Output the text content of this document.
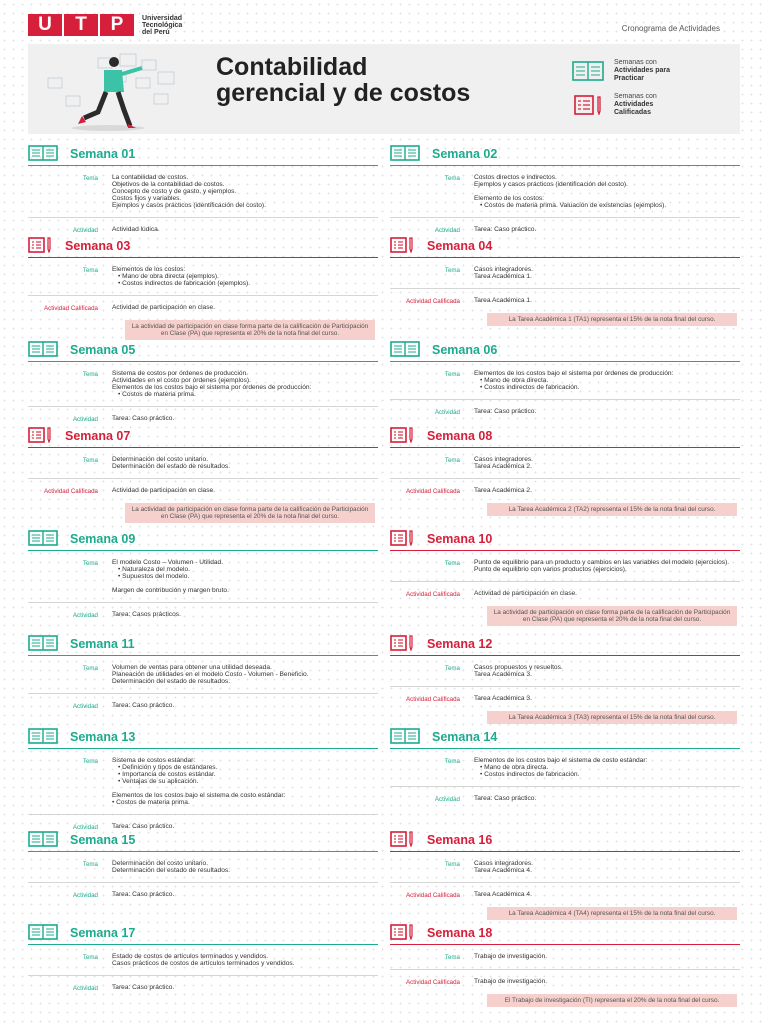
U	T	P	Universidad
Tecnológica
del Perú	Cronograma de Actividades
Contabilidad gerencial y de costos
Semanas con
Actividades para
Practicar
Semanas con
Actividades
Calificadas
Semana 01
Tema	La contabilidad de costos.

Objetivos de la contabilidad de costos.

Concepto de costo y de gasto, y ejemplos.

Costos fijos y variables.

Ejemplos y casos prácticos (identificación del costo).

Actividad	Actividad lúdica.
Semana 02
Tema	Costos directos e indirectos.

Ejemplos y casos prácticos (identificación del costo).

Elemento de los costos:

• Costos de materia prima. Valuación de existencias (ejemplos).
Actividad	Tarea: Caso práctico.
Semana 03
Tema	Elementos de los costos:

• Mano de obra directa (ejemplos).
• Costos indirectos de fabricación (ejemplos).
Actividad Calificada	Actividad de participación en clase.
La actividad de participación en clase forma parte de la calificación de Participación en Clase (PA) que representa el 20% de la nota final del curso.
Semana 04
Tema	Casos integradores.

Tarea Académica 1.

Actividad Calificada	Tarea Académica 1.
La Tarea Académica 1 (TA1) representa el 15% de la nota final del curso.
Semana 05
Tema	Sistema de costos por órdenes de producción.

Actividades en el costo por órdenes (ejemplos).

Elementos de los costos bajo el sistema por órdenes de producción:

• Costos de materia prima.
Actividad	Tarea: Caso práctico.
Semana 06
Tema	Elementos de los costos bajo el sistema por órdenes de producción:

• Mano de obra directa.
• Costos indirectos de fabricación.
Actividad	Tarea: Caso práctico.
Semana 07
Tema	Determinación del costo unitario.

Determinación del estado de resultados.

Actividad Calificada	Actividad de participación en clase.
La actividad de participación en clase forma parte de la calificación de Participación en Clase (PA) que representa el 20% de la nota final del curso.
Semana 08
Tema	Casos integradores.

Tarea Académica 2.

Actividad Calificada	Tarea Académica 2.
La Tarea Académica 2 (TA2) representa el 15% de la nota final del curso.
Semana 09
Tema	El modelo Costo – Volumen - Utilidad.

• Naturaleza del modelo.
• Supuestos del modelo.

Margen de contribución y margen bruto.

Actividad	Tarea: Casos prácticos.
Semana 10
Tema	Punto de equilibrio para un producto y cambios en las variables del modelo (ejercicios).

Punto de equilibrio con varios productos (ejercicios).

Actividad Calificada	Actividad de participación en clase.
La actividad de participación en clase forma parte de la calificación de Participación en Clase (PA) que representa el 20% de la nota final del curso.
Semana 11
Tema	Volumen de ventas para obtener una utilidad deseada.

Planeación de utilidades en el modelo Costo - Volumen - Beneficio.

Determinación del estado de resultados.

Actividad	Tarea: Caso práctico.
Semana 12
Tema	Casos propuestos y resueltos.

Tarea Académica 3.

Actividad Calificada	Tarea Académica 3.
La Tarea Académica 3 (TA3) representa el 15% de la nota final del curso.
Semana 13
Tema	Sistema de costos estándar:

• Definición y tipos de estándares.
• Importancia de costos estándar.
• Ventajas de su aplicación.

Elementos de los costos bajo el sistema de costo estándar:

• Costos de materia prima.

Actividad	Tarea: Caso práctico.
Semana 14
Tema	Elementos de los costos bajo el sistema de costo estándar:

• Mano de obra directa.
• Costos indirectos de fabricación.
Actividad	Tarea: Caso práctico.
Semana 15
Tema	Determinación del costo unitario.

Determinación del estado de resultados.

Actividad	Tarea: Caso práctico.
Semana 16
Tema	Casos integradores.

Tarea Académica 4.

Actividad Calificada	Tarea Académica 4.
La Tarea Académica 4 (TA4) representa el 15% de la nota final del curso.
Semana 17
Tema	Estado de costos de artículos terminados y vendidos.

Casos prácticos de costos de artículos terminados y vendidos.

Actividad	Tarea: Caso práctico.
Semana 18
Tema	Trabajo de investigación.

Actividad Calificada	Trabajo de investigación.
El Trabajo de investigación (TI) representa el 20% de la nota final del curso.
